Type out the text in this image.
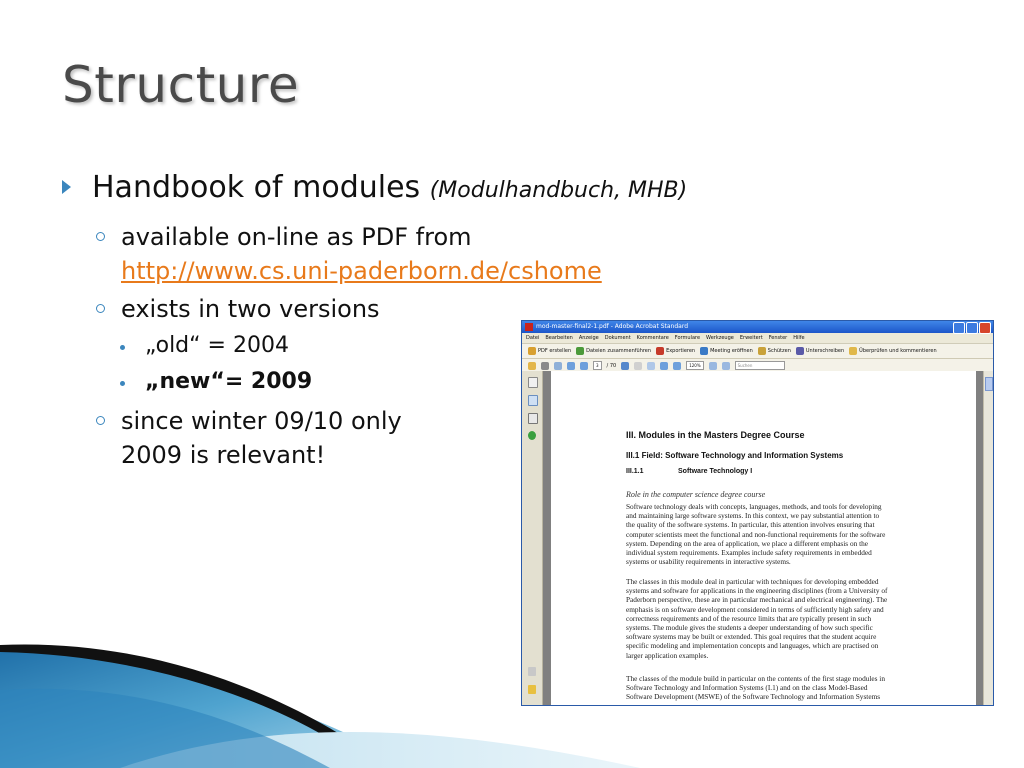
Structure
Handbook of modules (Modulhandbuch, MHB)
available on-line as PDF from
http://www.cs.uni-paderborn.de/cshome
exists in two versions
„old“ = 2004
„new“= 2009
since winter 09/10 only
2009 is relevant!
mod-master-final2-1.pdf - Adobe Acrobat Standard
Datei Bearbeiten Anzeige Dokument Kommentare Formulare Werkzeuge Erweitert Fenster Hilfe
PDF erstellen	Dateien zusammenführen	Exportieren	Meeting eröffnen	Schützen	Unterschreiben	Überprüfen und kommentieren
3	/ 70	120%	Suchen
III. Modules in the Masters Degree Course
III.1 Field: Software Technology and Information Systems
III.1.1	Software Technology I
Role in the computer science degree course

Software technology deals with concepts, languages, methods, and tools for developing
and maintaining large software systems. In this context, we pay substantial attention to
the quality of the software systems. In particular, this attention involves ensuring that
computer scientists meet the functional and non-functional requirements for the software
system. Depending on the area of application, we place a different emphasis on the
individual system requirements. Examples include safety requirements in embedded
systems or usability requirements in interactive systems.

The classes in this module deal in particular with techniques for developing embedded
systems and software for applications in the engineering disciplines (from a University of
Paderborn perspective, these are in particular mechanical and electrical engineering). The
emphasis is on software development considered in terms of sufficiently high safety and
correctness requirements and of the resource limits that are typically present in such
systems. The module gives the students a deeper understanding of how such specific
software systems may be built or extended. This goal requires that the student acquire
specific modeling and implementation concepts and languages, which are practised on
larger application examples.

The classes of the module build in particular on the contents of the first stage modules in
Software Technology and Information Systems (I.1) and on the class Model-Based
Software Development (MSWE) of the Software Technology and Information Systems
